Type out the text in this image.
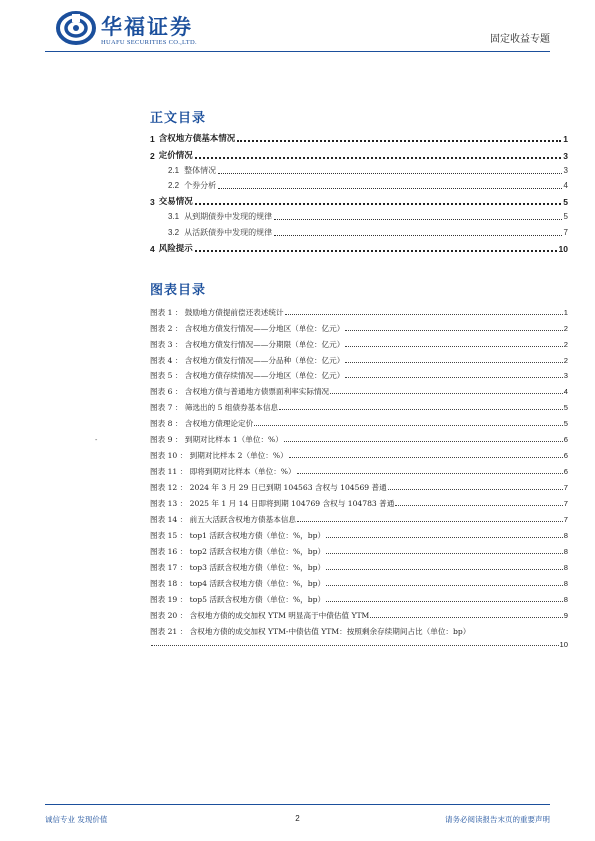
华福证券
HUAFU SECURITIES CO.,LTD.	固定收益专题
正文目录
1 含权地方债基本情况	1
2 定价情况	3
2.1 整体情况	3
2.2 个券分析	4
3 交易情况	5
3.1 从到期债券中发现的规律	5
3.2 从活跃债券中发现的规律	7
4 风险提示	10
图表目录
图表 1 ： 鼓励地方债提前偿还表述统计	1
图表 2 ： 含权地方债发行情况——分地区（单位：亿元）	2
图表 3 ： 含权地方债发行情况——分期限（单位：亿元）	2
图表 4 ： 含权地方债发行情况——分品种（单位：亿元）	2
图表 5 ： 含权地方债存续情况——分地区（单位：亿元）	3
图表 6 ： 含权地方债与普通地方债票面利率实际情况	4
图表 7 ： 筛选出的 5 组债券基本信息	5
图表 8 ： 含权地方债理论定价	5
图表 9 ： 到期对比样本 1（单位：%）	6
图表 10 ： 到期对比样本 2（单位：%）	6
图表 11 ： 即将到期对比样本（单位：%）	6
图表 12 ： 2024 年 3 月 29 日已到期 104563 含权与 104569 普通	7
图表 13 ： 2025 年 1 月 14 日即将到期 104769 含权与 104783 普通	7
图表 14 ： 前五大活跃含权地方债基本信息	7
图表 15 ： top1 活跃含权地方债（单位：%，bp）	8
图表 16 ： top2 活跃含权地方债（单位：%，bp）	8
图表 17 ： top3 活跃含权地方债（单位：%，bp）	8
图表 18 ： top4 活跃含权地方债（单位：%，bp）	8
图表 19 ： top5 活跃含权地方债（单位：%，bp）	8
图表 20 ： 含权地方债的成交加权 YTM 明显高于中债估值 YTM	9
图表 21 ： 含权地方债的成交加权 YTM-中债估值 YTM：按照剩余存续期间占比（单位：bp）
10
-
诚信专业 发现价值	2	请务必阅读报告末页的重要声明
